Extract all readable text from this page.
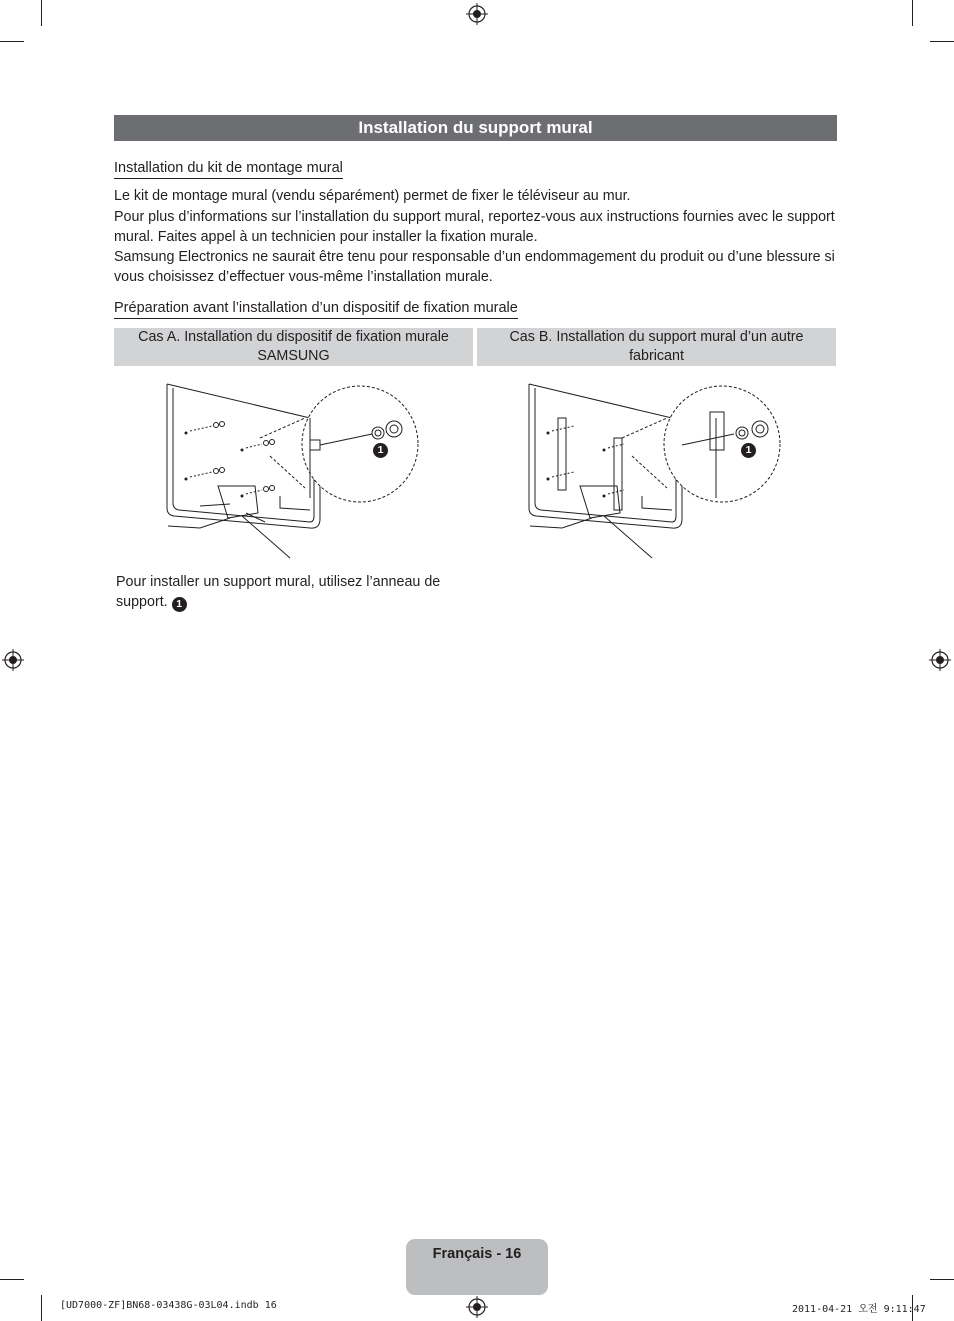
Installation du support mural
Installation du kit de montage mural

Le kit de montage mural (vendu séparément) permet de fixer le téléviseur au mur.

Pour plus d’informations sur l’installation du support mural, reportez-vous aux instructions fournies avec le support mural. Faites appel à un technicien pour installer la fixation murale.

Samsung Electronics ne saurait être tenu pour responsable d’un endommagement du produit ou d’une blessure si vous choisissez d’effectuer vous-même l’installation murale.

Préparation avant l’installation d’un dispositif de fixation murale
Cas A. Installation du dispositif de fixation murale SAMSUNG
Cas B. Installation du support mural d’un autre fabricant
1	1
Pour installer un support mural, utilisez l’anneau de support. 1
Français - 16
[UD7000-ZF]BN68-03438G-03L04.indb 16	2011-04-21 오전 9:11:47
